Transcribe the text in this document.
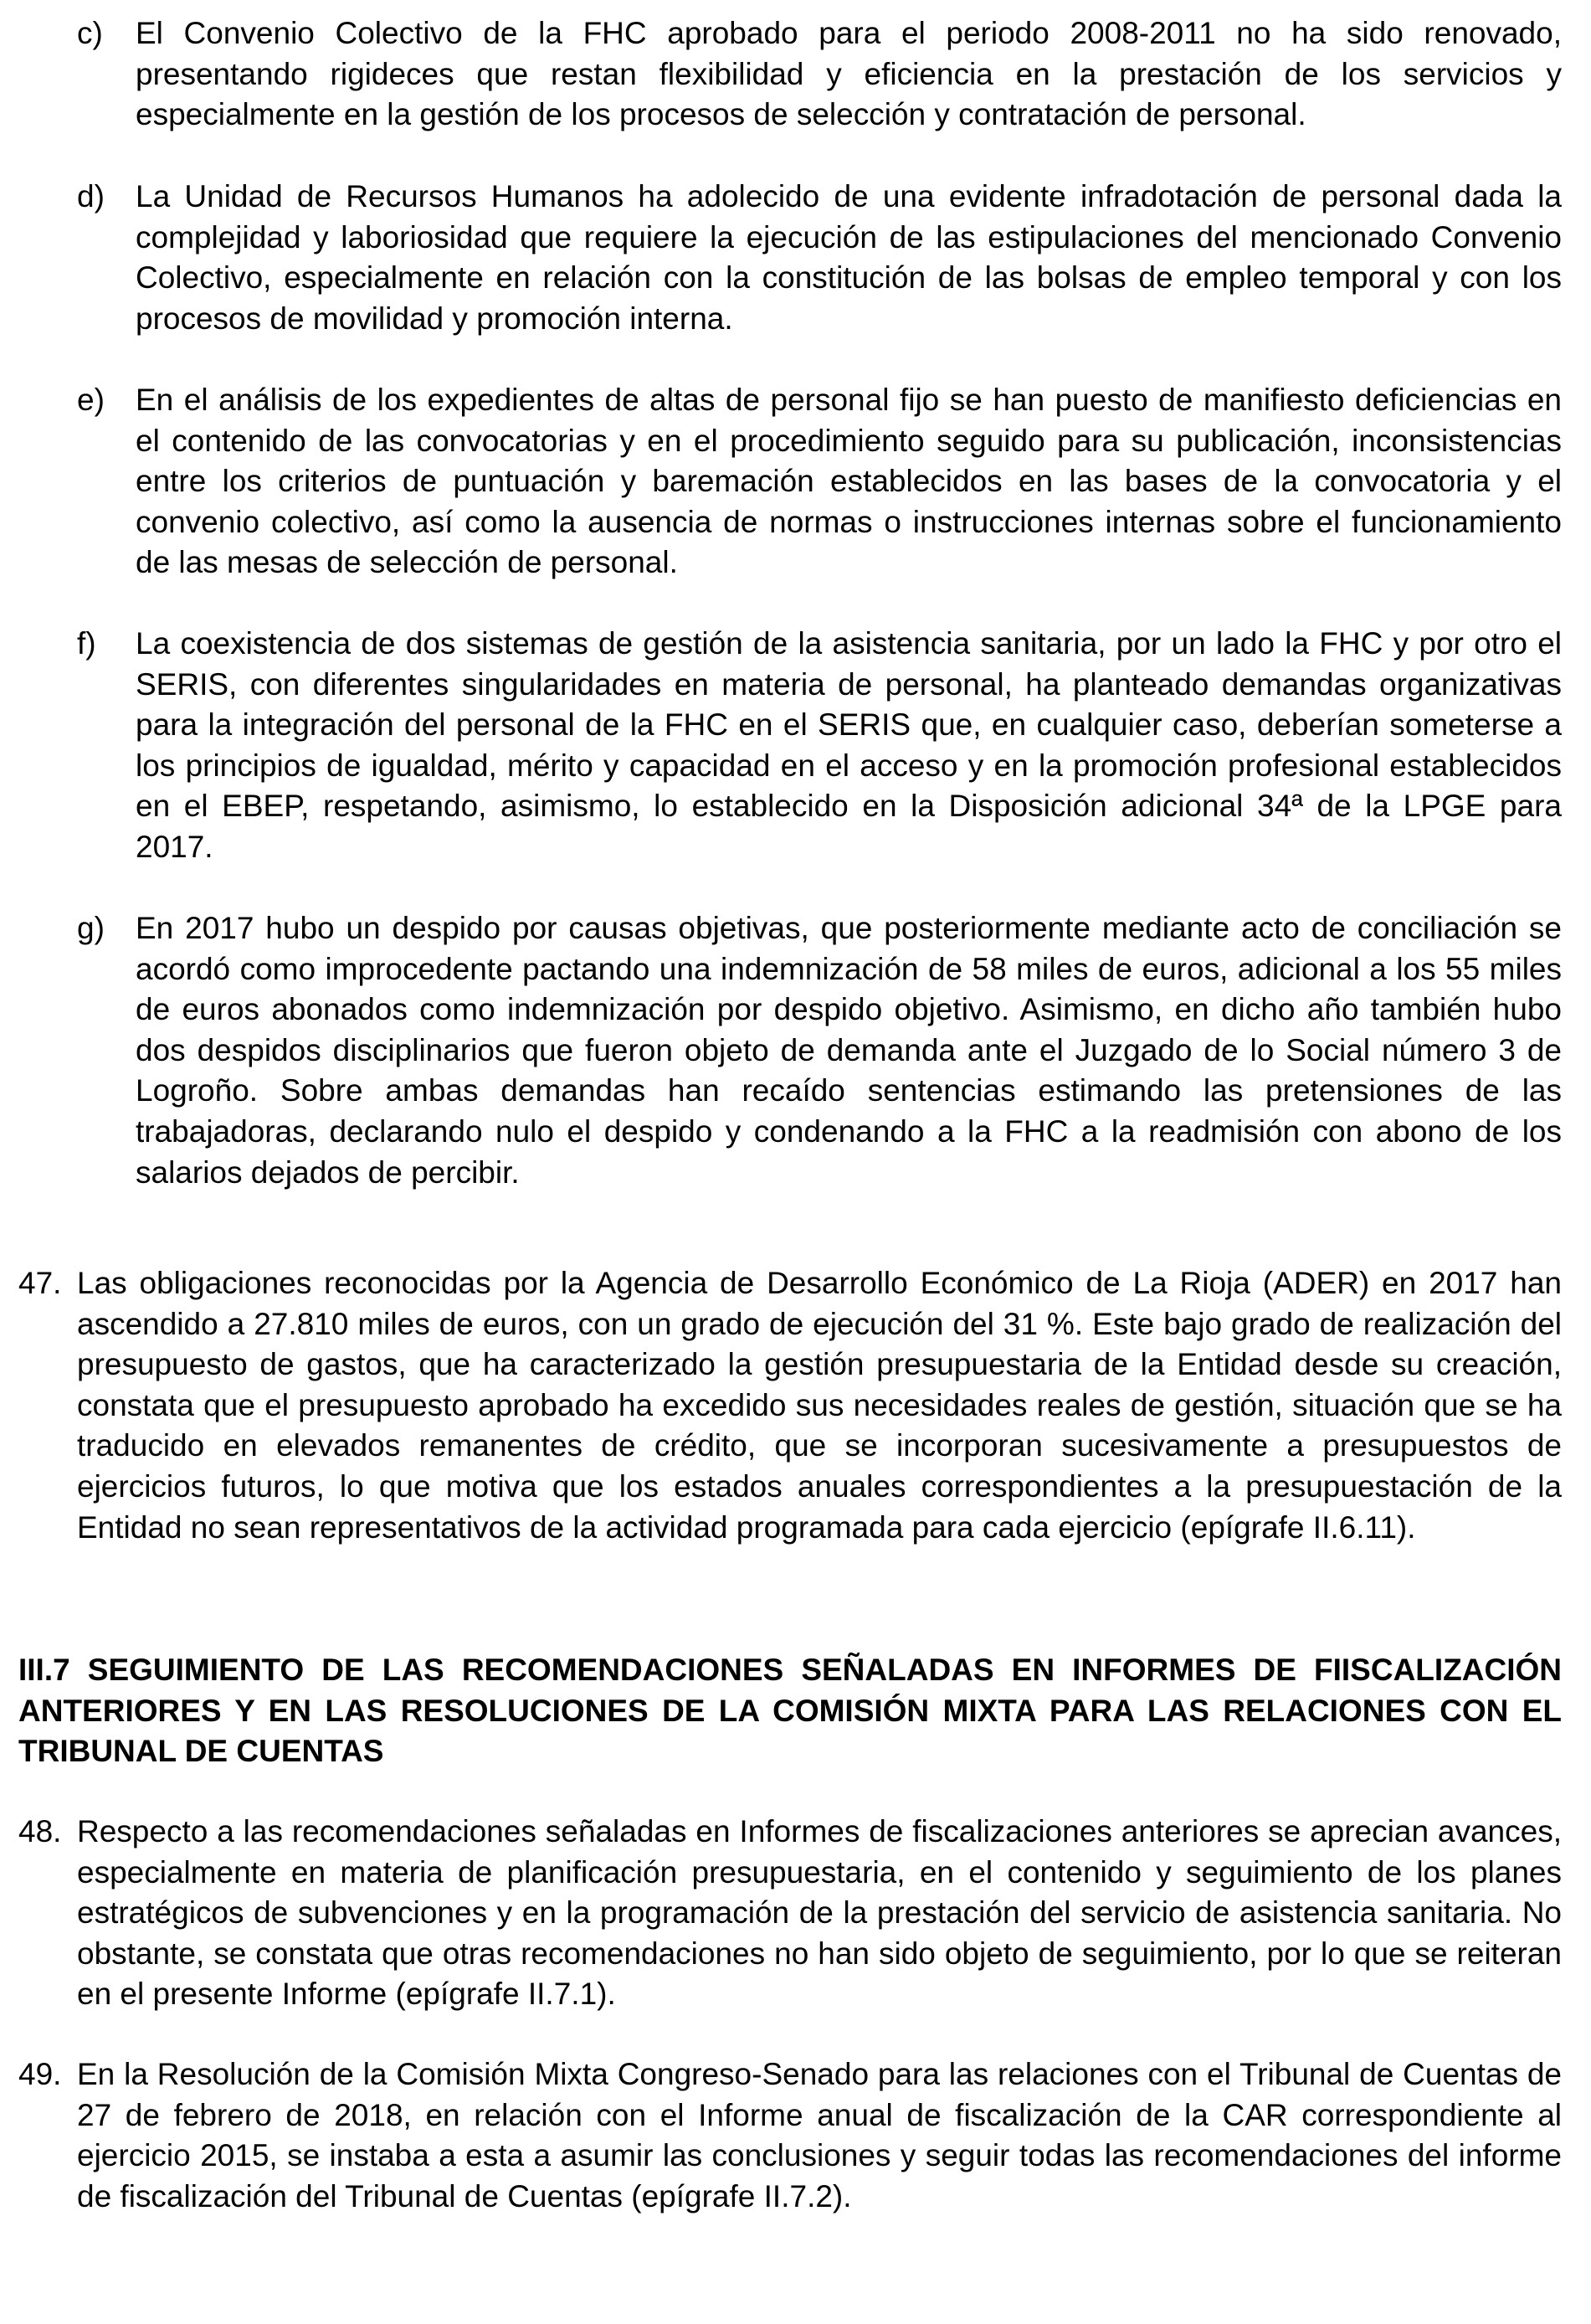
c) El Convenio Colectivo de la FHC aprobado para el periodo 2008-2011 no ha sido renovado, presentando rigideces que restan flexibilidad y eficiencia en la prestación de los servicios y especialmente en la gestión de los procesos de selección y contratación de personal.
d) La Unidad de Recursos Humanos ha adolecido de una evidente infradotación de personal dada la complejidad y laboriosidad que requiere la ejecución de las estipulaciones del mencionado Convenio Colectivo, especialmente en relación con la constitución de las bolsas de empleo temporal y con los procesos de movilidad y promoción interna.
e) En el análisis de los expedientes de altas de personal fijo se han puesto de manifiesto deficiencias en el contenido de las convocatorias y en el procedimiento seguido para su publicación, inconsistencias entre los criterios de puntuación y baremación establecidos en las bases de la convocatoria y el convenio colectivo, así como la ausencia de normas o instrucciones internas sobre el funcionamiento de las mesas de selección de personal.
f) La coexistencia de dos sistemas de gestión de la asistencia sanitaria, por un lado la FHC y por otro el SERIS, con diferentes singularidades en materia de personal, ha planteado demandas organizativas para la integración del personal de la FHC en el SERIS que, en cualquier caso, deberían someterse a los principios de igualdad, mérito y capacidad en el acceso y en la promoción profesional establecidos en el EBEP, respetando, asimismo, lo establecido en la Disposición adicional 34ª de la LPGE para 2017.
g) En 2017 hubo un despido por causas objetivas, que posteriormente mediante acto de conciliación se acordó como improcedente pactando una indemnización de 58 miles de euros, adicional a los 55 miles de euros abonados como indemnización por despido objetivo. Asimismo, en dicho año también hubo dos despidos disciplinarios que fueron objeto de demanda ante el Juzgado de lo Social número 3 de Logroño. Sobre ambas demandas han recaído sentencias estimando las pretensiones de las trabajadoras, declarando nulo el despido y condenando a la FHC a la readmisión con abono de los salarios dejados de percibir.
47. Las obligaciones reconocidas por la Agencia de Desarrollo Económico de La Rioja (ADER) en 2017 han ascendido a 27.810 miles de euros, con un grado de ejecución del 31 %. Este bajo grado de realización del presupuesto de gastos, que ha caracterizado la gestión presupuestaria de la Entidad desde su creación, constata que el presupuesto aprobado ha excedido sus necesidades reales de gestión, situación que se ha traducido en elevados remanentes de crédito, que se incorporan sucesivamente a presupuestos de ejercicios futuros, lo que motiva que los estados anuales correspondientes a la presupuestación de la Entidad no sean representativos de la actividad programada para cada ejercicio (epígrafe II.6.11).
III.7 SEGUIMIENTO DE LAS RECOMENDACIONES SEÑALADAS EN INFORMES DE FIISCALIZACIÓN ANTERIORES Y EN LAS RESOLUCIONES DE LA COMISIÓN MIXTA PARA LAS RELACIONES CON EL TRIBUNAL DE CUENTAS
48. Respecto a las recomendaciones señaladas en Informes de fiscalizaciones anteriores se aprecian avances, especialmente en materia de planificación presupuestaria, en el contenido y seguimiento de los planes estratégicos de subvenciones y en la programación de la prestación del servicio de asistencia sanitaria. No obstante, se constata que otras recomendaciones no han sido objeto de seguimiento, por lo que se reiteran en el presente Informe (epígrafe II.7.1).
49. En la Resolución de la Comisión Mixta Congreso-Senado para las relaciones con el Tribunal de Cuentas de 27 de febrero de 2018, en relación con el Informe anual de fiscalización de la CAR correspondiente al ejercicio 2015, se instaba a esta a asumir las conclusiones y seguir todas las recomendaciones del informe de fiscalización del Tribunal de Cuentas (epígrafe II.7.2).
